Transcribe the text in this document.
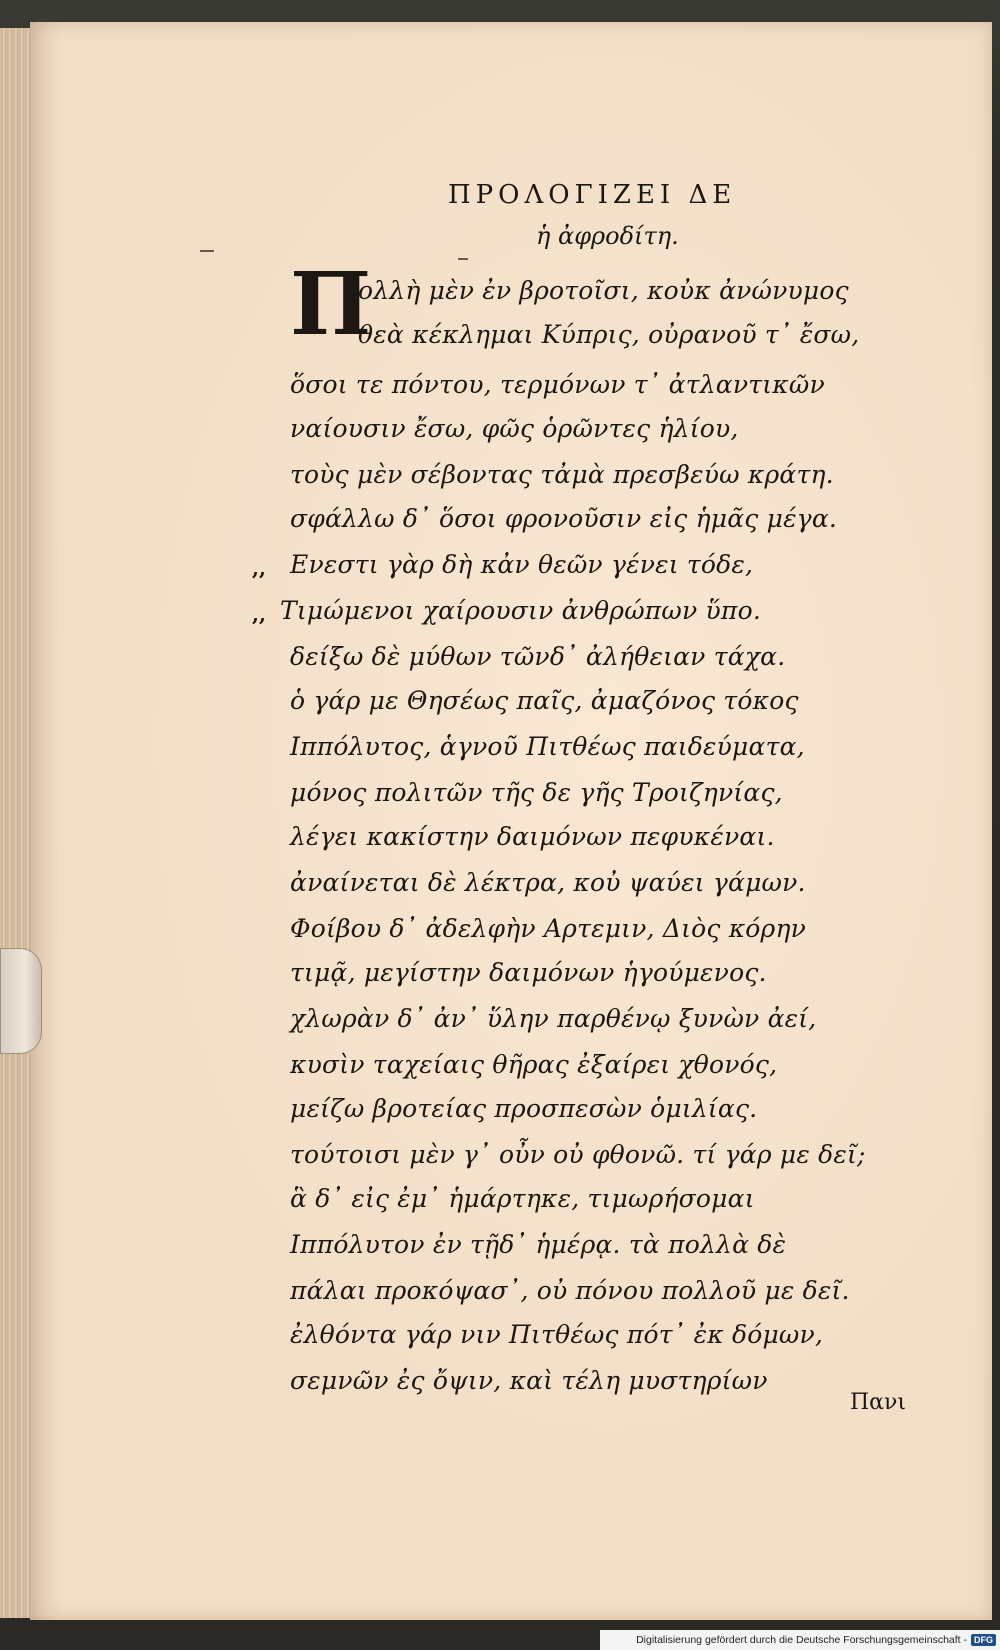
ΠΡΟΛΟΓΙΖΕΙ ΔΕ
ἡ ἀφροδίτη.
Π
ολλὴ μὲν ἐν βροτοῖσι, κοὐκ ἀνώνυμος
θεὰ κέκλημαι Κύπρις, οὐρανοῦ τ᾽ ἔσω,
ὅσοι τε πόντου, τερμόνων τ᾽ ἀτλαντικῶν
ναίουσιν ἔσω, φῶς ὁρῶντες ἡλίου,
τοὺς μὲν σέβοντας τἀμὰ πρεσβεύω κράτη.
σφάλλω δ᾽ ὅσοι φρονοῦσιν εἰς ἡμᾶς μέγα.
Ενεστι γὰρ δὴ κἀν θεῶν γένει τόδε,
Τιμώμενοι χαίρουσιν ἀνθρώπων ὕπο.
δείξω δὲ μύθων τῶνδ᾽ ἀλήθειαν τάχα.
ὁ γάρ με Θησέως παῖς, ἀμαζόνος τόκος
Ιππόλυτος, ἁγνοῦ Πιτθέως παιδεύματα,
μόνος πολιτῶν τῆς δε γῆς Τροιζηνίας,
λέγει κακίστην δαιμόνων πεφυκέναι.
ἀναίνεται δὲ λέκτρα, κοὐ ψαύει γάμων.
Φοίβου δ᾽ ἀδελφὴν Αρτεμιν, Διὸς κόρην
τιμᾷ, μεγίστην δαιμόνων ἡγούμενος.
χλωρὰν δ᾽ ἀν᾽ ὕλην παρθένῳ ξυνὼν ἀεί,
κυσὶν ταχείαις θῆρας ἐξαίρει χθονός,
μείζω βροτείας προσπεσὼν ὁμιλίας.
τούτοισι μὲν γ᾽ οὖν οὐ φθονῶ. τί γάρ με δεῖ;
ἃ δ᾽ εἰς ἐμ᾽ ἡμάρτηκε, τιμωρήσομαι
Ιππόλυτον ἐν τῇδ᾽ ἡμέρᾳ. τὰ πολλὰ δὲ
πάλαι προκόψασ᾽, οὐ πόνου πολλοῦ με δεῖ.
ἐλθόντα γάρ νιν Πιτθέως πότ᾽ ἐκ δόμων,
σεμνῶν ἐς ὄψιν, καὶ τέλη μυστηρίων
,,
,,
Πανι
Digitalisierung gefördert durch die Deutsche Forschungsgemeinschaft - DFG
